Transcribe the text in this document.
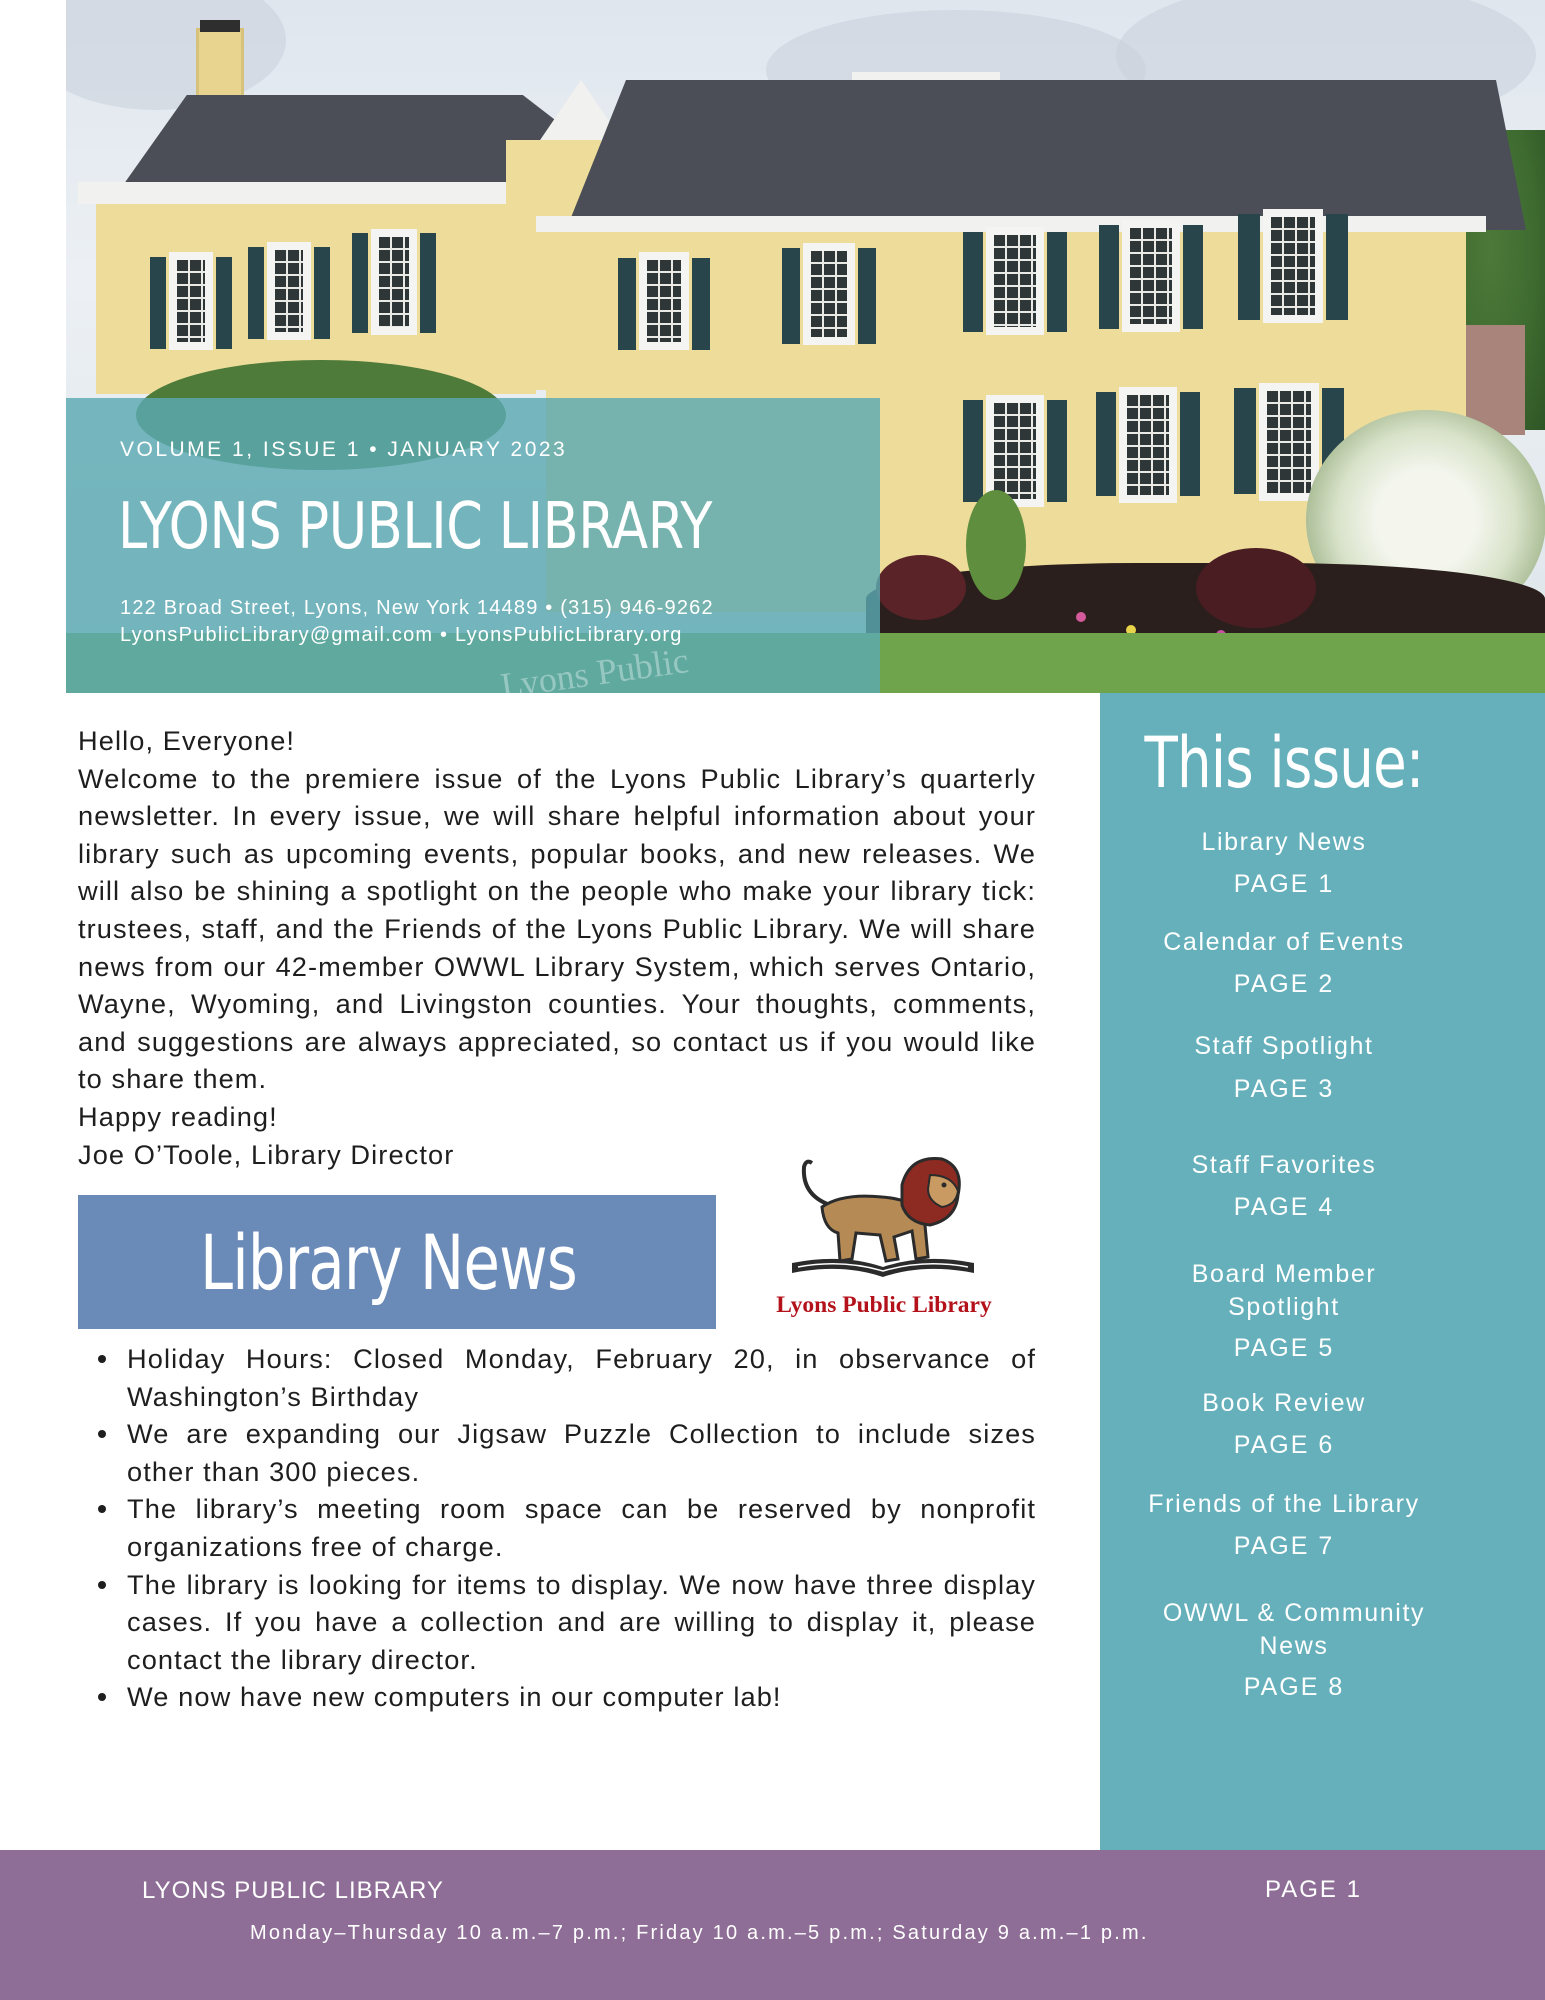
Lyons Public
VOLUME 1, ISSUE 1 • JANUARY 2023
LYONS PUBLIC LIBRARY
122 Broad Street, Lyons, New York 14489 • (315) 946-9262
LyonsPublicLibrary@gmail.com • LyonsPublicLibrary.org

Hello, Everyone!

Welcome to the premiere issue of the Lyons Public Library’s quarterly newsletter. In every issue, we will share helpful information about your library such as upcoming events, popular books, and new releases. We will also be shining a spotlight on the people who make your library tick: trustees, staff, and the Friends of the Lyons Public Library. We will share news from our 42-member OWWL Library System, which serves Ontario, Wayne, Wyoming, and Livingston counties. Your thoughts, comments, and suggestions are always appreciated, so contact us if you would like to share them.

Happy reading!

Joe O’Toole, Library Director

Library News	Lyons Public Library
Holiday Hours: Closed Monday, February 20, in observance of Washington’s Birthday
We are expanding our Jigsaw Puzzle Collection to include sizes other than 300 pieces.
The library’s meeting room space can be reserved by nonprofit organizations free of charge.
The library is looking for items to display. We now have three display cases. If you have a collection and are willing to display it, please contact the library director.
We now have new computers in our computer lab!
This issue:
Library News
PAGE 1
Calendar of Events
PAGE 2
Staff Spotlight
PAGE 3
Staff Favorites
PAGE 4
Board Member Spotlight
PAGE 5
Book Review
PAGE 6
Friends of the Library
PAGE 7
OWWL & Community News
PAGE 8
LYONS PUBLIC LIBRARY	PAGE 1
Monday–Thursday 10 a.m.–7 p.m.; Friday 10 a.m.–5 p.m.; Saturday 9 a.m.–1 p.m.
